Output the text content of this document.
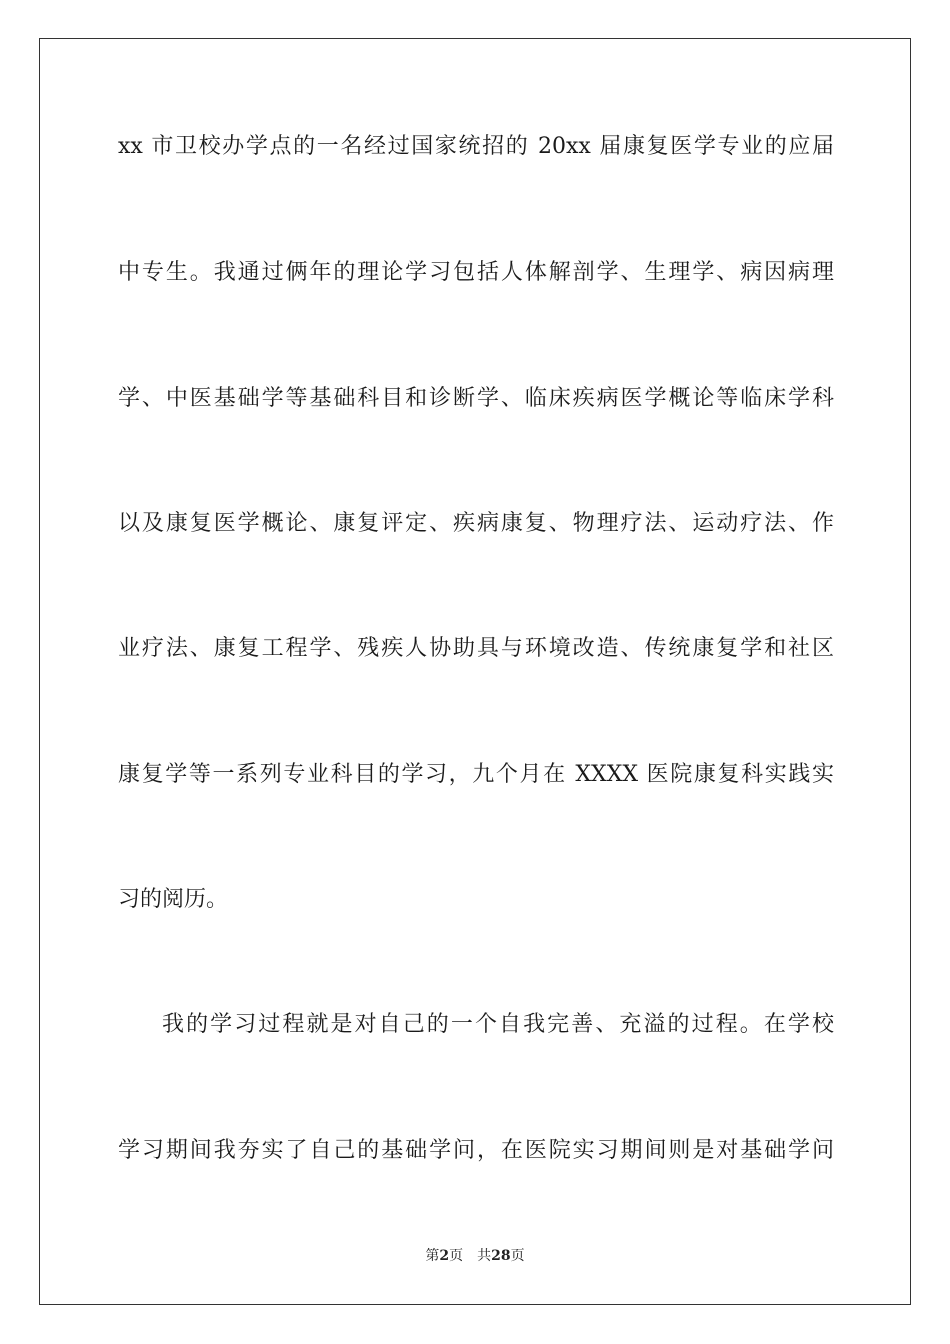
xx 市卫校办学点的一名经过国家统招的 20xx 届康复医学专业的应届
中专生。我通过俩年的理论学习包括人体解剖学、生理学、病因病理
学、中医基础学等基础科目和诊断学、临床疾病医学概论等临床学科
以及康复医学概论、康复评定、疾病康复、物理疗法、运动疗法、作
业疗法、康复工程学、残疾人协助具与环境改造、传统康复学和社区
康复学等一系列专业科目的学习，九个月在 XXXX 医院康复科实践实
习的阅历。
我的学习过程就是对自己的一个自我完善、充溢的过程。在学校
学习期间我夯实了自己的基础学问，在医院实习期间则是对基础学问
第2页 共28页
